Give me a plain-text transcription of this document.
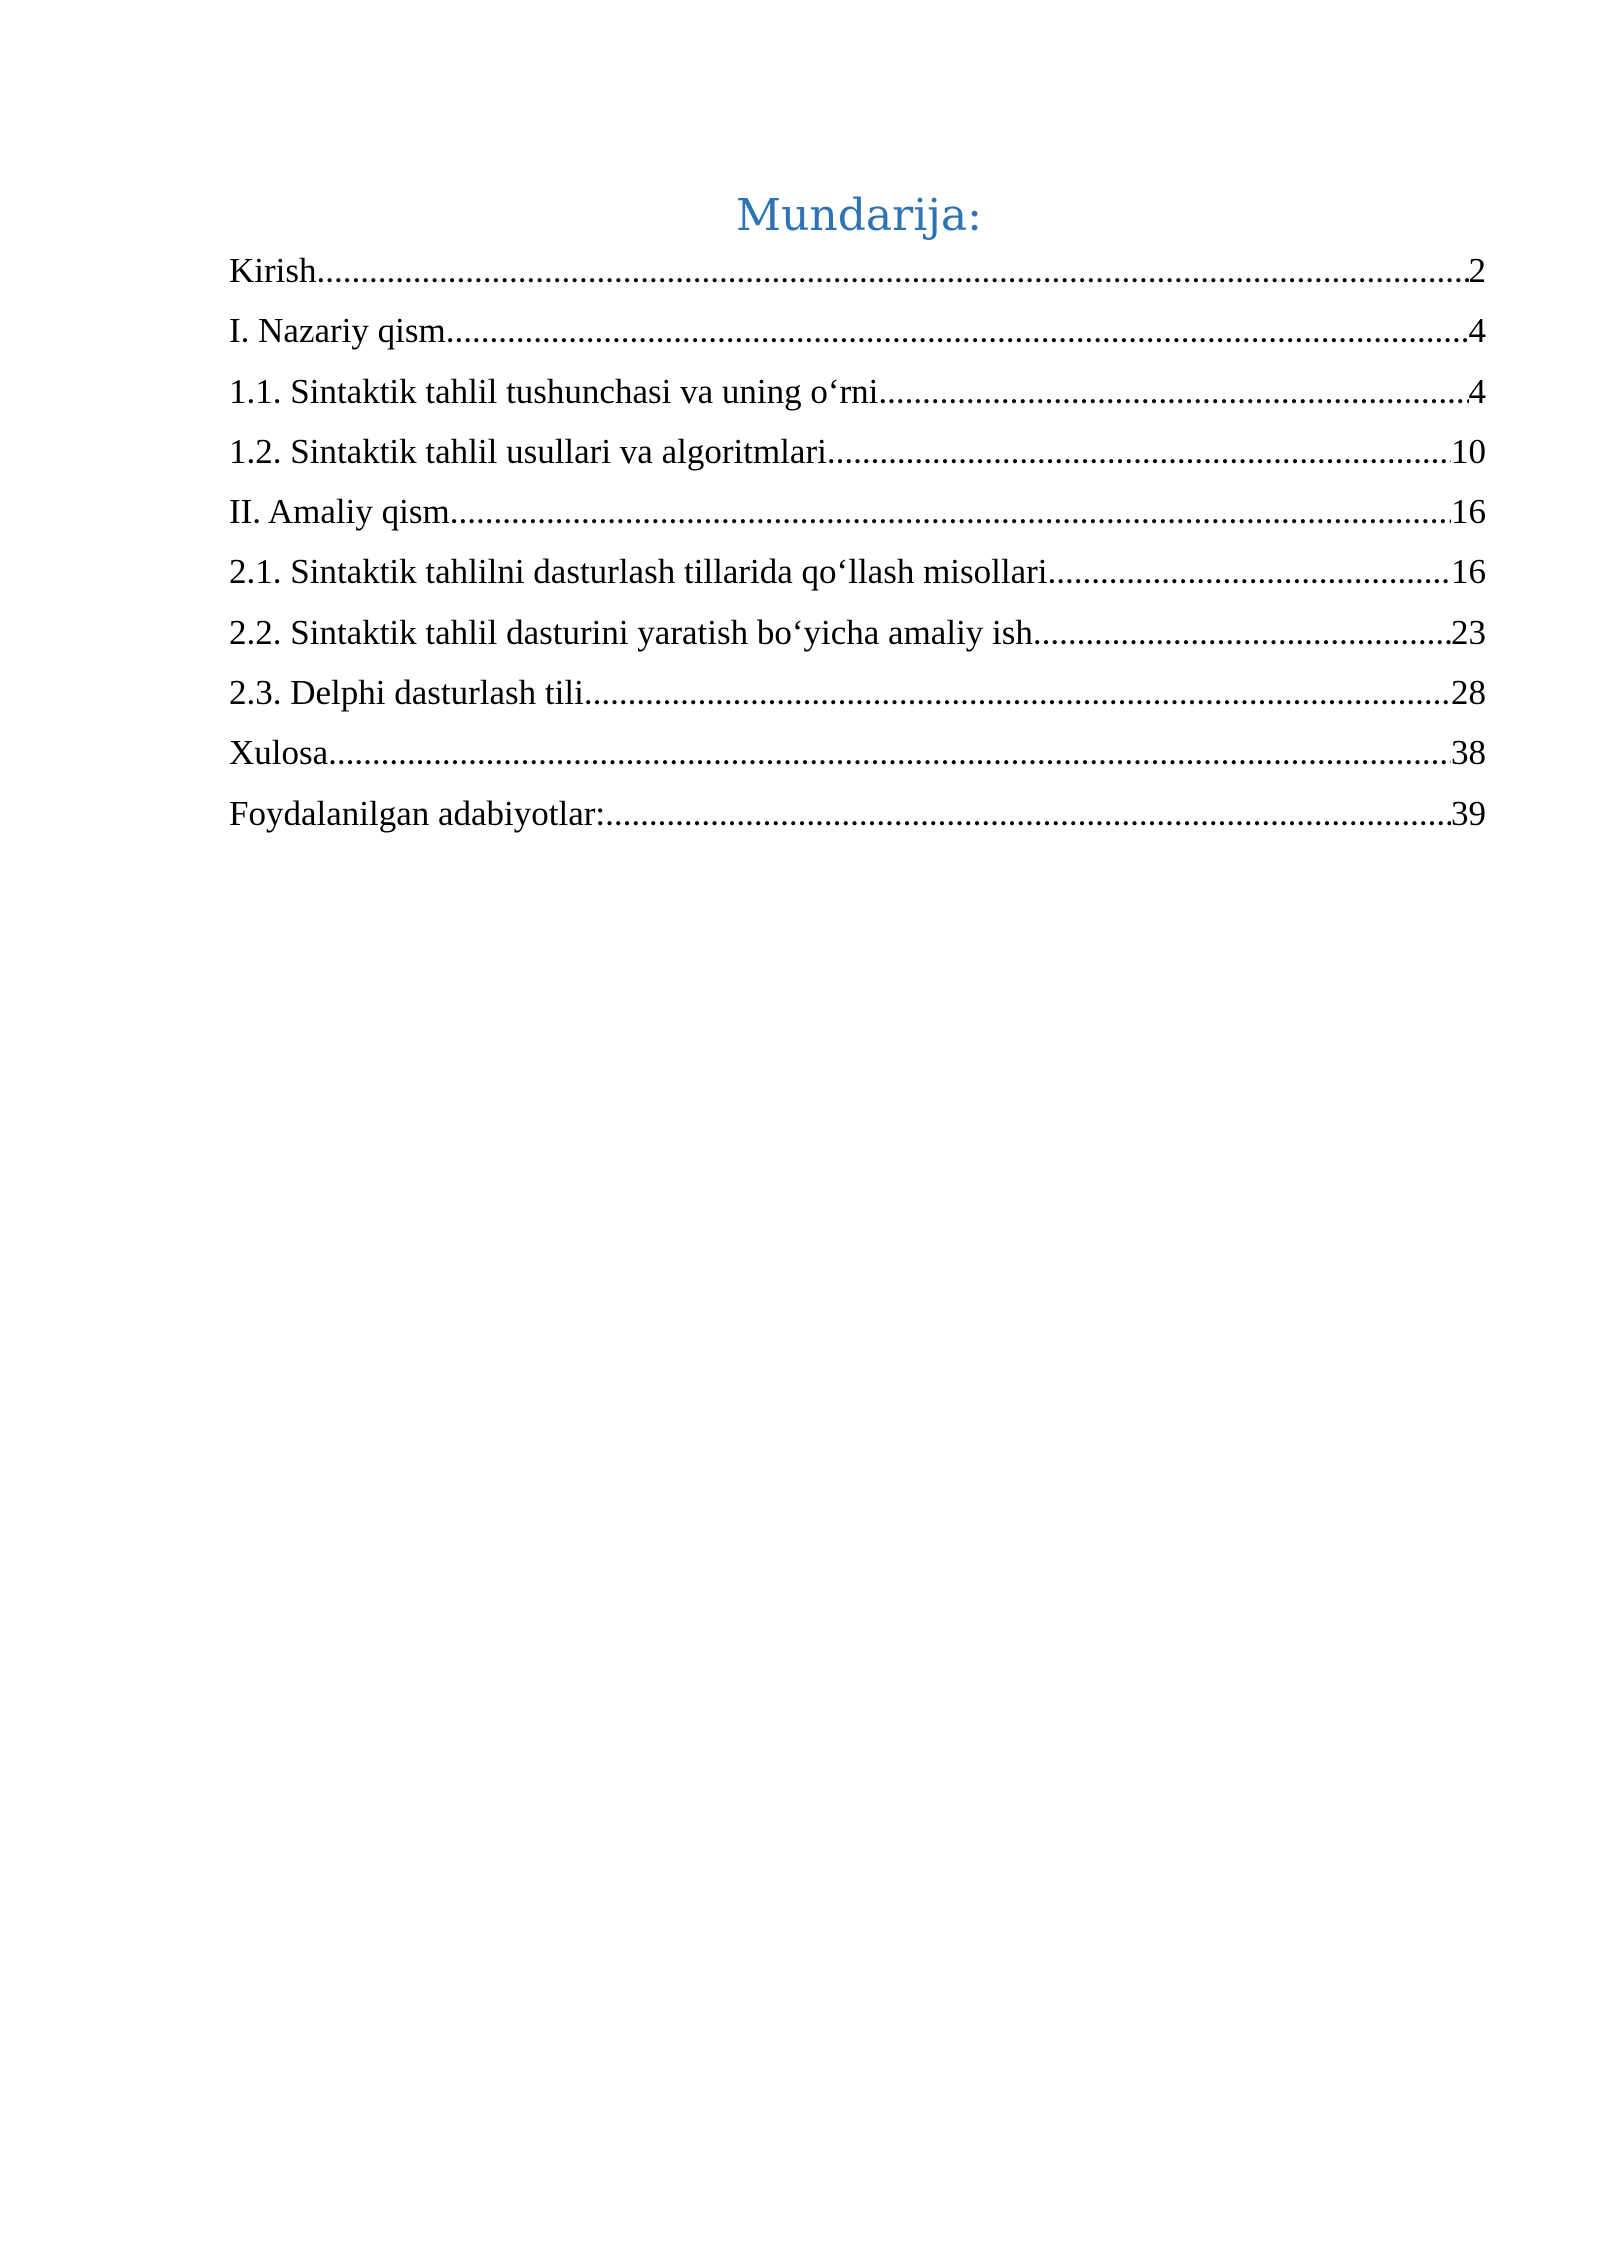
Mundarija:
Kirish .....	2
I. Nazariy qism .....	4
1.1. Sintaktik tahlil tushunchasi va uning o‘rni .....	4
1.2. Sintaktik tahlil usullari va algoritmlari .....	10
II. Amaliy qism .....	16
2.1. Sintaktik tahlilni dasturlash tillarida qo‘llash misollari .....	16
2.2. Sintaktik tahlil dasturini yaratish bo‘yicha amaliy ish .....	23
2.3. Delphi dasturlash tili .....	28
Xulosa .....	38
Foydalanilgan adabiyotlar: .....	39
